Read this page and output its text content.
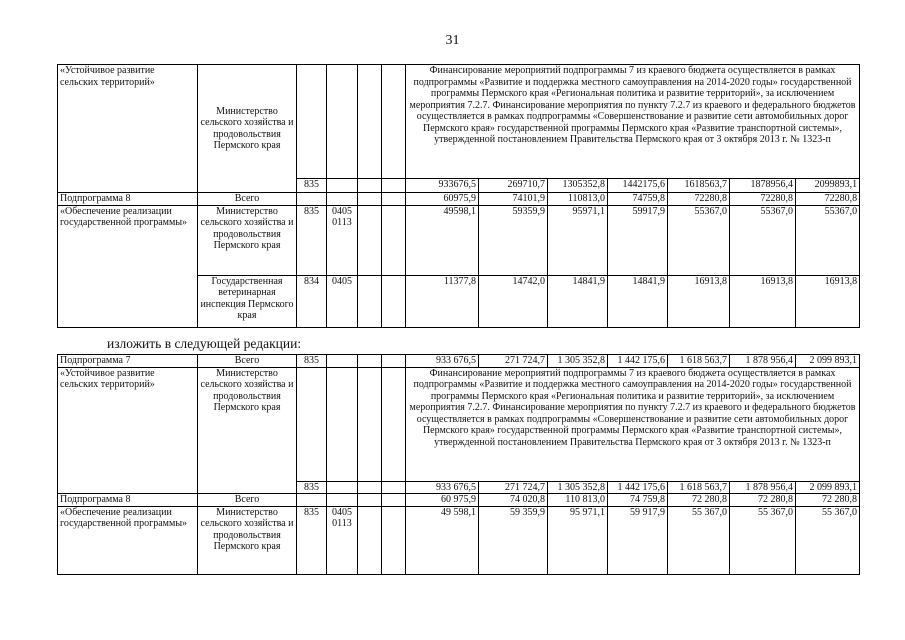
31
«Устойчивое развитие сельских территорий»	Министерство сельского хозяйства и продовольствия Пермского края					Финансирование мероприятий подпрограммы 7 из краевого бюджета осуществляется в рамках подпрограммы «Развитие и поддержка местного самоуправления на 2014-2020 годы» государственной программы Пермского края «Региональная политика и развитие территорий», за исключением мероприятия 7.2.7. Финансирование мероприятия по пункту 7.2.7 из краевого и федерального бюджетов осуществляется в рамках подпрограммы «Совершенствование и развитие сети автомобильных дорог Пермского края» государственной программы Пермского края «Развитие транспортной системы», утвержденной постановлением Правительства Пермского края от 3 октября 2013 г. № 1323-п						
		835				933676,5	269710,7	1305352,8	1442175,6	1618563,7	1878956,4	2099893,1
Подпрограмма 8	Всего					60975,9	74101,9	110813,0	74759,8	72280,8	72280,8	72280,8
«Обеспечение реализации государственной программы»	Министерство сельского хозяйства и продовольствия Пермского края	835	0405 0113			49598,1	59359,9	95971,1	59917,9	55367,0	55367,0	55367,0
	Государственная ветеринарная инспекция Пермского края	834	0405			11377,8	14742,0	14841,9	14841,9	16913,8	16913,8	16913,8
изложить в следующей редакции:
Подпрограмма 7	Всего	835				933 676,5	271 724,7	1 305 352,8	1 442 175,6	1 618 563,7	1 878 956,4	2 099 893,1
«Устойчивое развитие сельских территорий»	Министерство сельского хозяйства и продовольствия Пермского края					Финансирование мероприятий подпрограммы 7 из краевого бюджета осуществляется в рамках подпрограммы «Развитие и поддержка местного самоуправления на 2014-2020 годы» государственной программы Пермского края «Региональная политика и развитие территорий», за исключением мероприятия 7.2.7. Финансирование мероприятия по пункту 7.2.7 из краевого и федерального бюджетов осуществляется в рамках подпрограммы «Совершенствование и развитие сети автомобильных дорог Пермского края» государственной программы Пермского края «Развитие транспортной системы», утвержденной постановлением Правительства Пермского края от 3 октября 2013 г. № 1323-п						
		835				933 676,5	271 724,7	1 305 352,8	1 442 175,6	1 618 563,7	1 878 956,4	2 099 893,1
Подпрограмма 8	Всего					60 975,9	74 020,8	110 813,0	74 759,8	72 280,8	72 280,8	72 280,8
«Обеспечение реализации государственной программы»	Министерство сельского хозяйства и продовольствия Пермского края	835	0405 0113			49 598,1	59 359,9	95 971,1	59 917,9	55 367,0	55 367,0	55 367,0
